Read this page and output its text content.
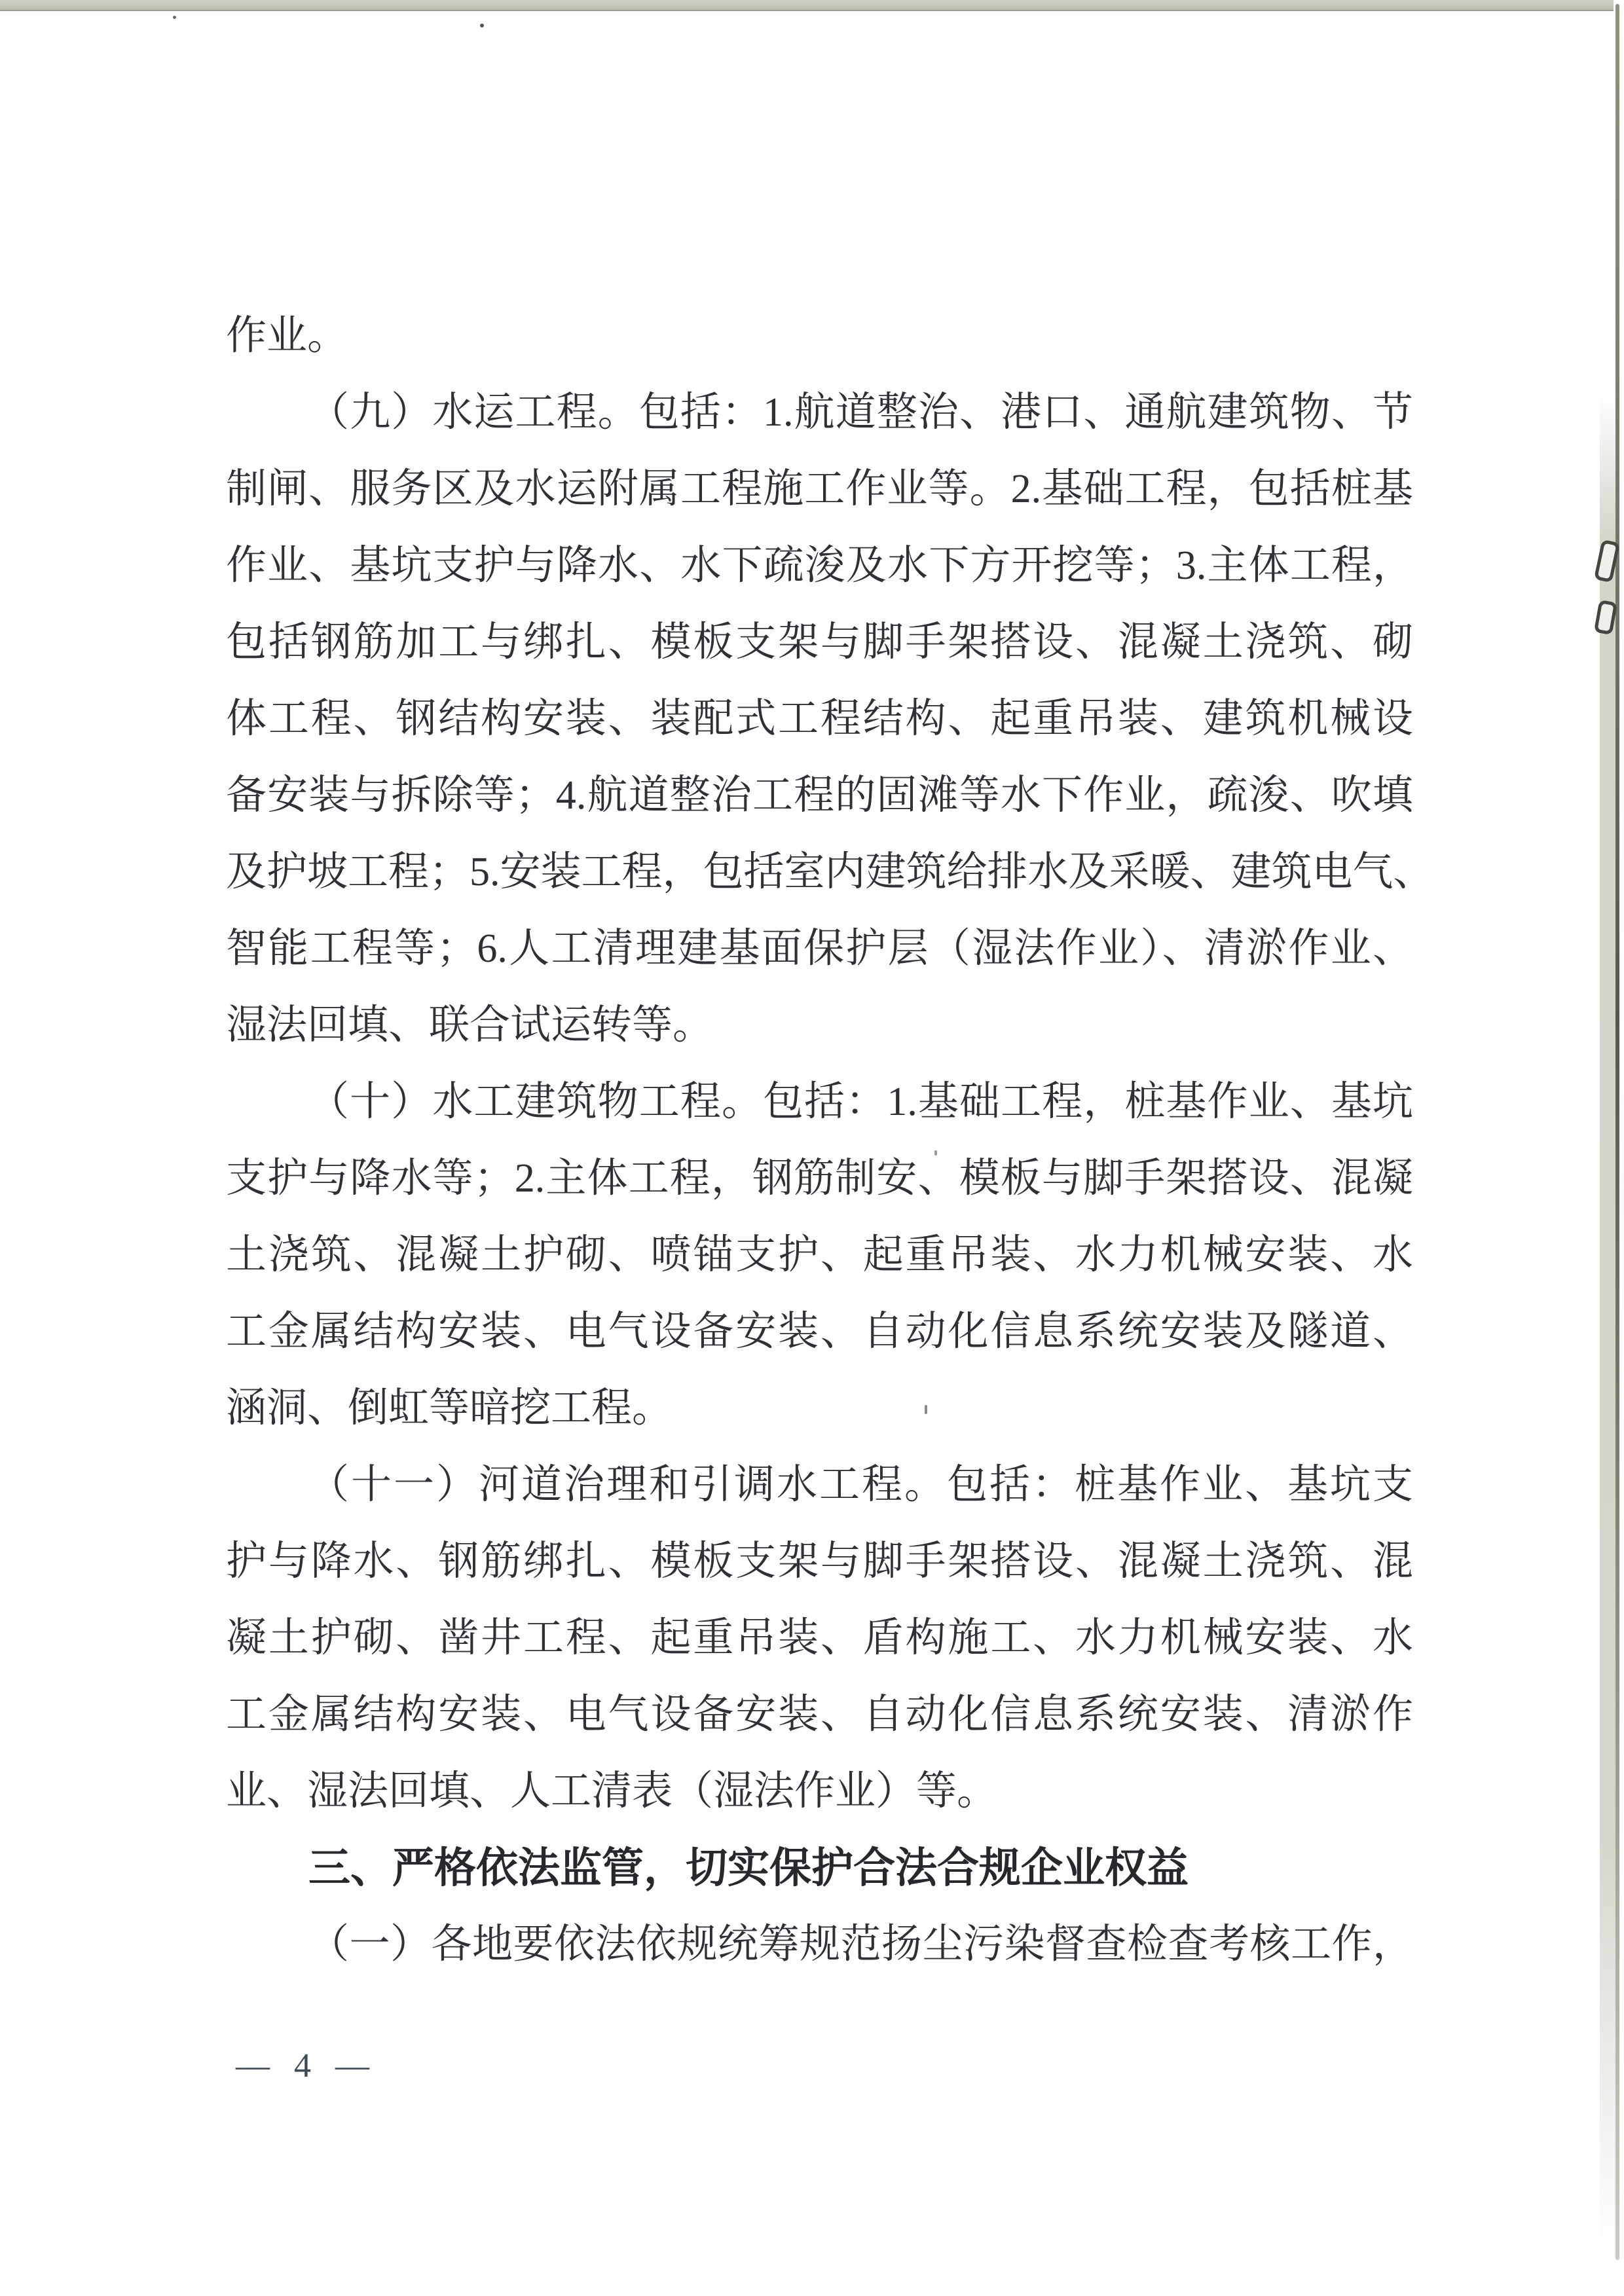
作业。
（九）水运工程。包括：1.航道整治、港口、通航建筑物、节
制闸、服务区及水运附属工程施工作业等。2.基础工程，包括桩基
作业、基坑支护与降水、水下疏浚及水下方开挖等；3.主体工程，
包括钢筋加工与绑扎、模板支架与脚手架搭设、混凝土浇筑、砌
体工程、钢结构安装、装配式工程结构、起重吊装、建筑机械设
备安装与拆除等；4.航道整治工程的固滩等水下作业，疏浚、吹填
及护坡工程；5.安装工程，包括室内建筑给排水及采暖、建筑电气、
智能工程等；6.人工清理建基面保护层（湿法作业）、清淤作业、
湿法回填、联合试运转等。
（十）水工建筑物工程。包括：1.基础工程，桩基作业、基坑
支护与降水等；2.主体工程，钢筋制安、模板与脚手架搭设、混凝
土浇筑、混凝土护砌、喷锚支护、起重吊装、水力机械安装、水
工金属结构安装、电气设备安装、自动化信息系统安装及隧道、
涵洞、倒虹等暗挖工程。
（十一）河道治理和引调水工程。包括：桩基作业、基坑支
护与降水、钢筋绑扎、模板支架与脚手架搭设、混凝土浇筑、混
凝土护砌、凿井工程、起重吊装、盾构施工、水力机械安装、水
工金属结构安装、电气设备安装、自动化信息系统安装、清淤作
业、湿法回填、人工清表（湿法作业）等。
三、严格依法监管，切实保护合法合规企业权益
（一）各地要依法依规统筹规范扬尘污染督查检查考核工作，
— 4 —
